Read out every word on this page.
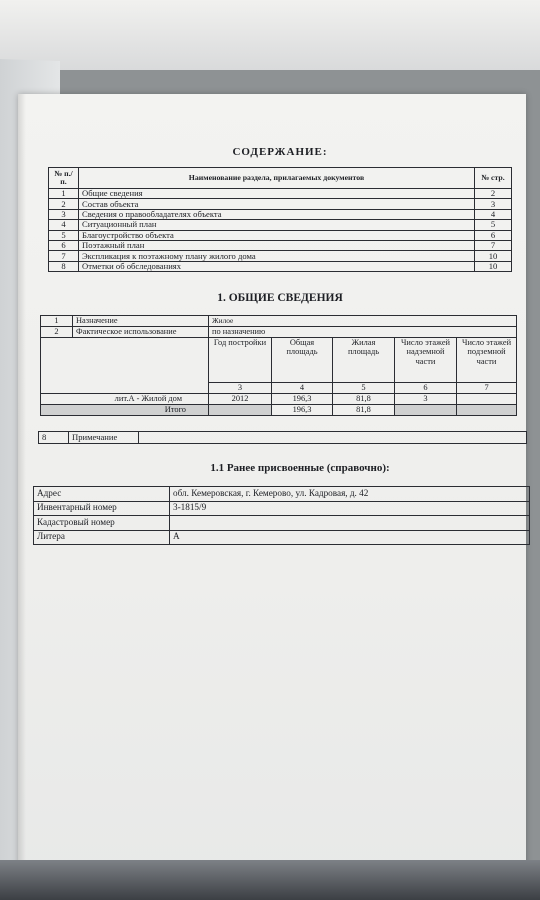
СОДЕРЖАНИЕ:
№ п./п.	Наименование раздела, прилагаемых документов	№ стр.
1	Общие сведения	2
2	Состав объекта	3
3	Сведения о правообладателях объекта	4
4	Ситуационный план	5
5	Благоустройство объекта	6
6	Поэтажный план	7
7	Экспликация к поэтажному плану жилого дома	10
8	Отметки об обследованиях	10
1. ОБЩИЕ СВЕДЕНИЯ
1	Назначение	Жилое				
2	Фактическое использование	по назначению				
		Год постройки	Общая площадь	Жилая площадь	Число этажей надземной части	Число этажей подземной части
		3	4	5	6	7
лит.А - Жилой дом		2012	196,3	81,8	3	
Итого			196,3	81,8		
8	Примечание	
1.1 Ранее присвоенные (справочно):
Адрес	обл. Кемеровская, г. Кемерово, ул. Кадровая, д. 42
Инвентарный номер	3-1815/9
Кадастровый номер	
Литера	А
